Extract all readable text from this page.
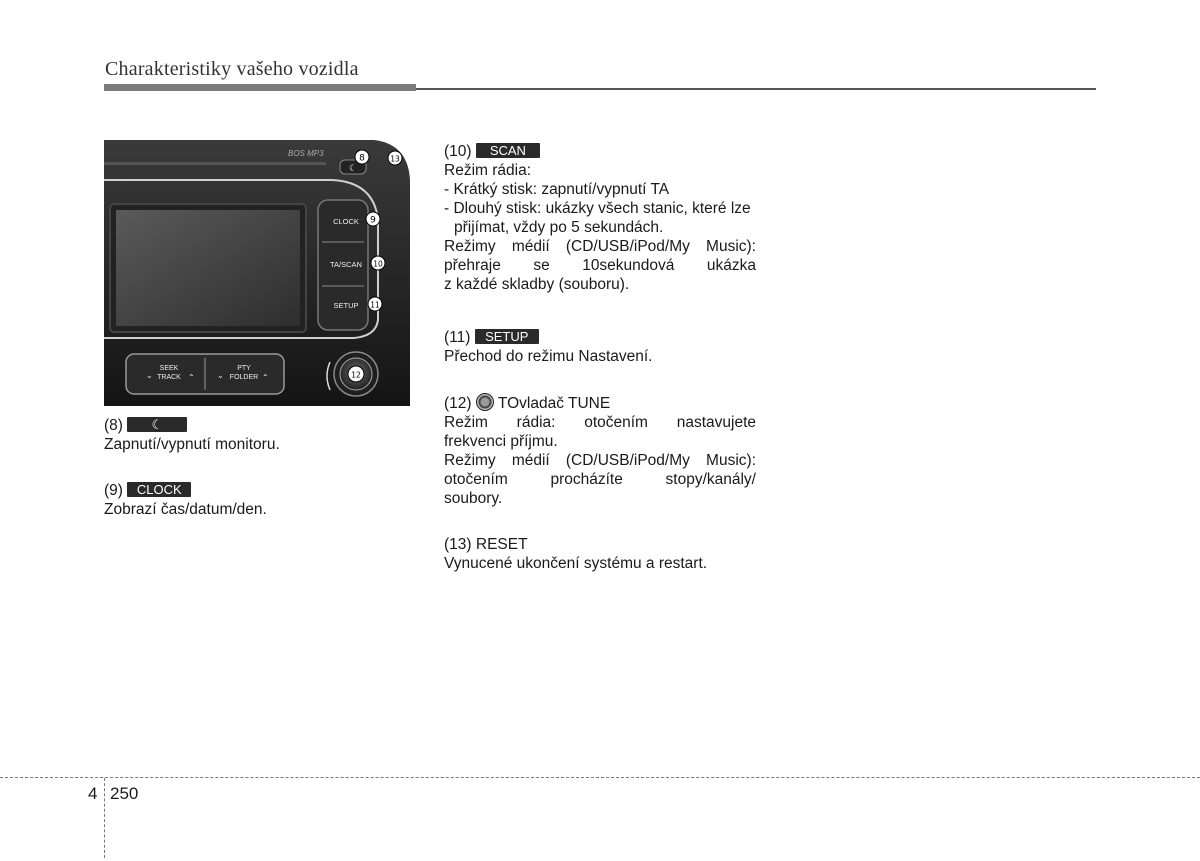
Charakteristiky vašeho vozidla
BOS MP3
CLOCK
TA/SCAN
SETUP
☾
SEEK
TRACK
⌄	⌃
PTY
FOLDER
⌄	⌃
8	13
9
10
11
12
(8) ☾
Zapnutí/vypnutí monitoru.
(9) CLOCK
Zobrazí čas/datum/den.
(10) SCAN
Režim rádia:
- Krátký stisk: zapnutí/vypnutí TA
- Dlouhý stisk: ukázky všech stanic, které lze přijímat, vždy po 5 sekundách.
Režimy médií (CD/USB/iPod/My Music):
přehraje se 10sekundová ukázka
z každé skladby (souboru).
(11) SETUP
Přechod do režimu Nastavení.
(12) TOvladač TUNE
Režim rádia: otočením nastavujete
frekvenci příjmu.
Režimy médií (CD/USB/iPod/My Music):
otočením procházíte stopy/kanály/
soubory.
(13) RESET
Vynucené ukončení systému a restart.
4 250
